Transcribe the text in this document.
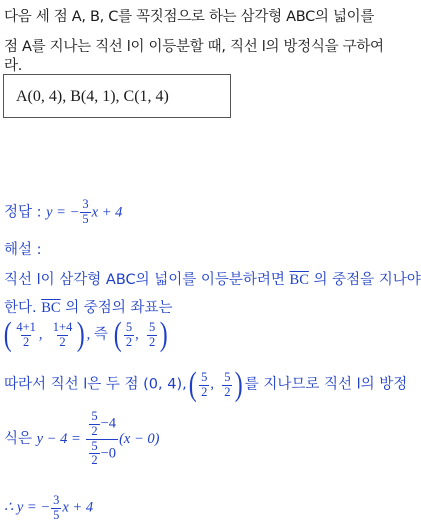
다음 세 점 A, B, C를 꼭짓점으로 하는 삼각형 ABC의 넓이를
점 A를 지나는 직선 l이 이등분할 때, 직선 l의 방정식을 구하여
라.
A(0, 4), B(4, 1), C(1, 4)
정답 : y = − $\frac{3}{5}$ x + 4
해설 :
직선 l이 삼각형 ABC의 넓이를 이등분하려면 $\overline{BC}$ 의 중점을 지나야
한다. $\overline{BC}$ 의 중점의 좌표는
( $\frac{4+1}{2}$ , $\frac{1+4}{2}$ ) , 즉 ( $\frac{5}{2}$ , $\frac{5}{2}$ )
따라서 직선 l은 두 점 (0, $4),( \frac{5}{2}$ , $\frac{5}{2}$ ) 를 지나므로 직선 l의 방정
식은 $y - 4 = \frac{\frac{5}{2} -4}{\frac{5}{2} -0} (x - 0)$
∴ y = − $\frac{3}{5}$ x + 4
